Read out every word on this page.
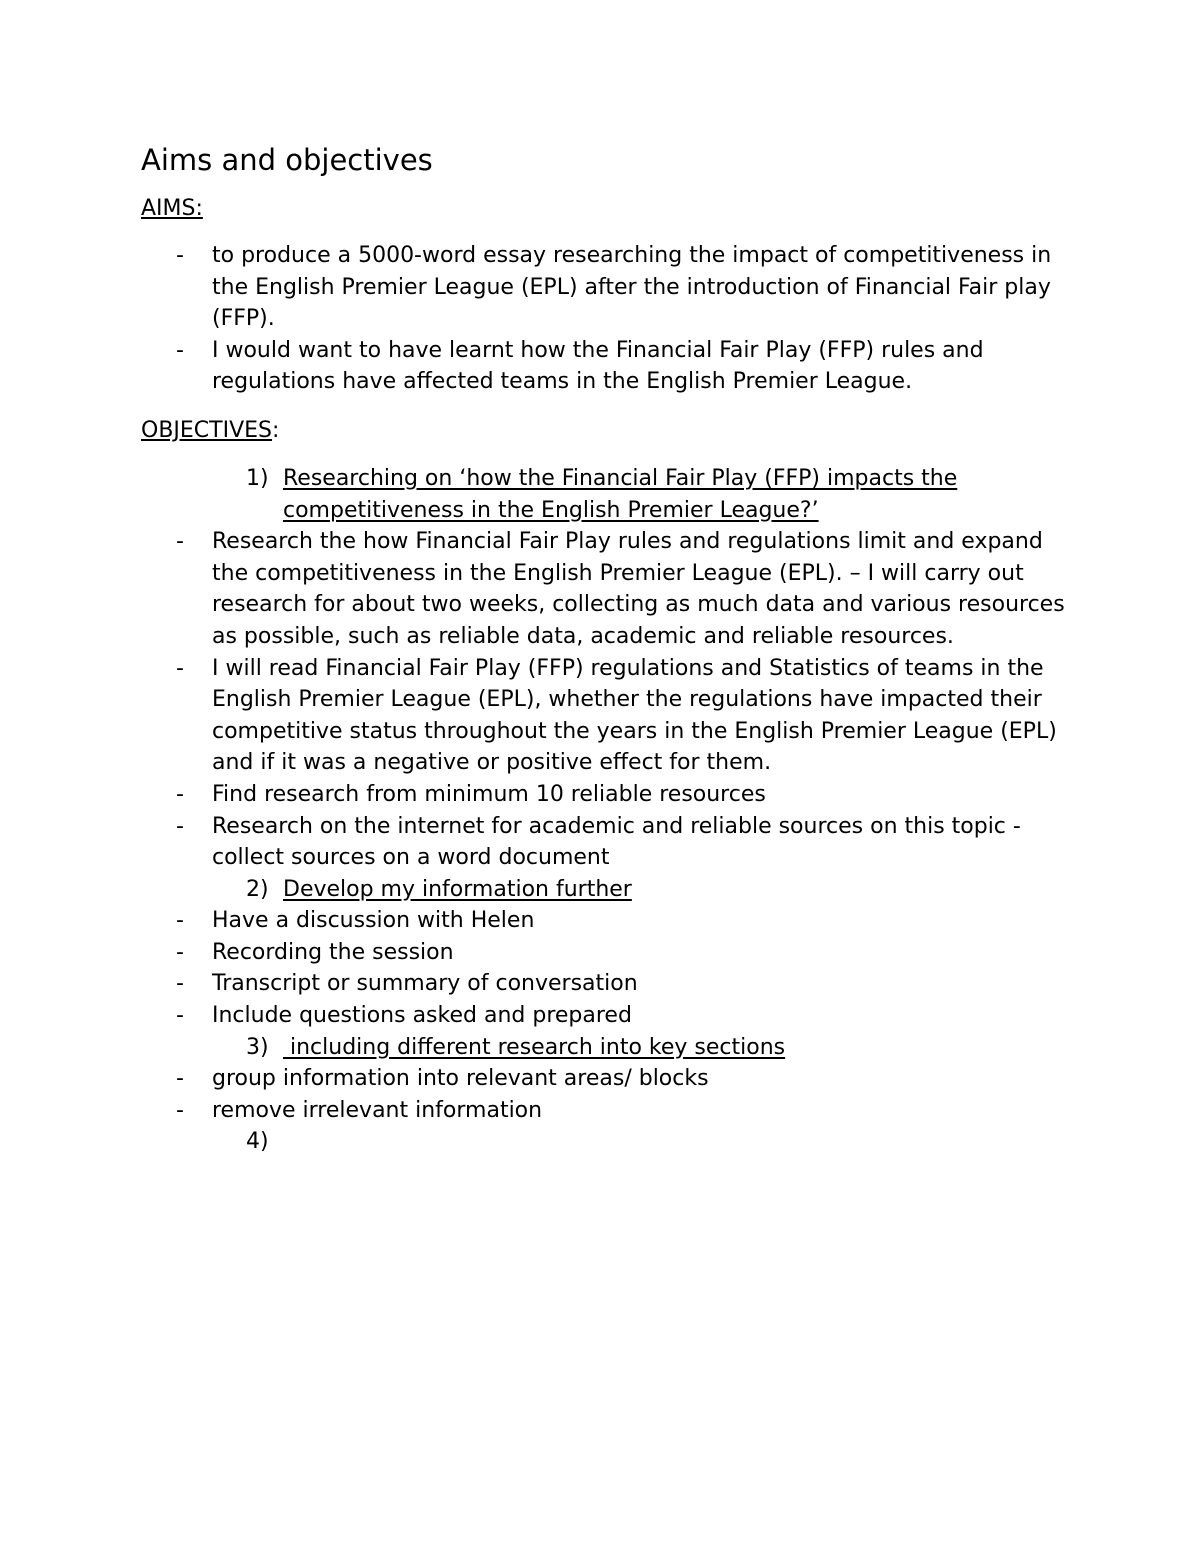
Aims and objectives
AIMS:
- to produce a 5000-word essay researching the impact of competitiveness in the English Premier League (EPL) after the introduction of Financial Fair play (FFP).
- I would want to have learnt how the Financial Fair Play (FFP) rules and regulations have affected teams in the English Premier League.
OBJECTIVES:
1) Researching on ‘how the Financial Fair Play (FFP) impacts the competitiveness in the English Premier League?’
- Research the how Financial Fair Play rules and regulations limit and expand the competitiveness in the English Premier League (EPL). – I will carry out research for about two weeks, collecting as much data and various resources as possible, such as reliable data, academic and reliable resources.
- I will read Financial Fair Play (FFP) regulations and Statistics of teams in the English Premier League (EPL), whether the regulations have impacted their competitive status throughout the years in the English Premier League (EPL) and if it was a negative or positive effect for them.
- Find research from minimum 10 reliable resources
- Research on the internet for academic and reliable sources on this topic - collect sources on a word document
2) Develop my information further
- Have a discussion with Helen
- Recording the session
- Transcript or summary of conversation
- Include questions asked and prepared
3) including different research into key sections
- group information into relevant areas/ blocks
- remove irrelevant information
4)
